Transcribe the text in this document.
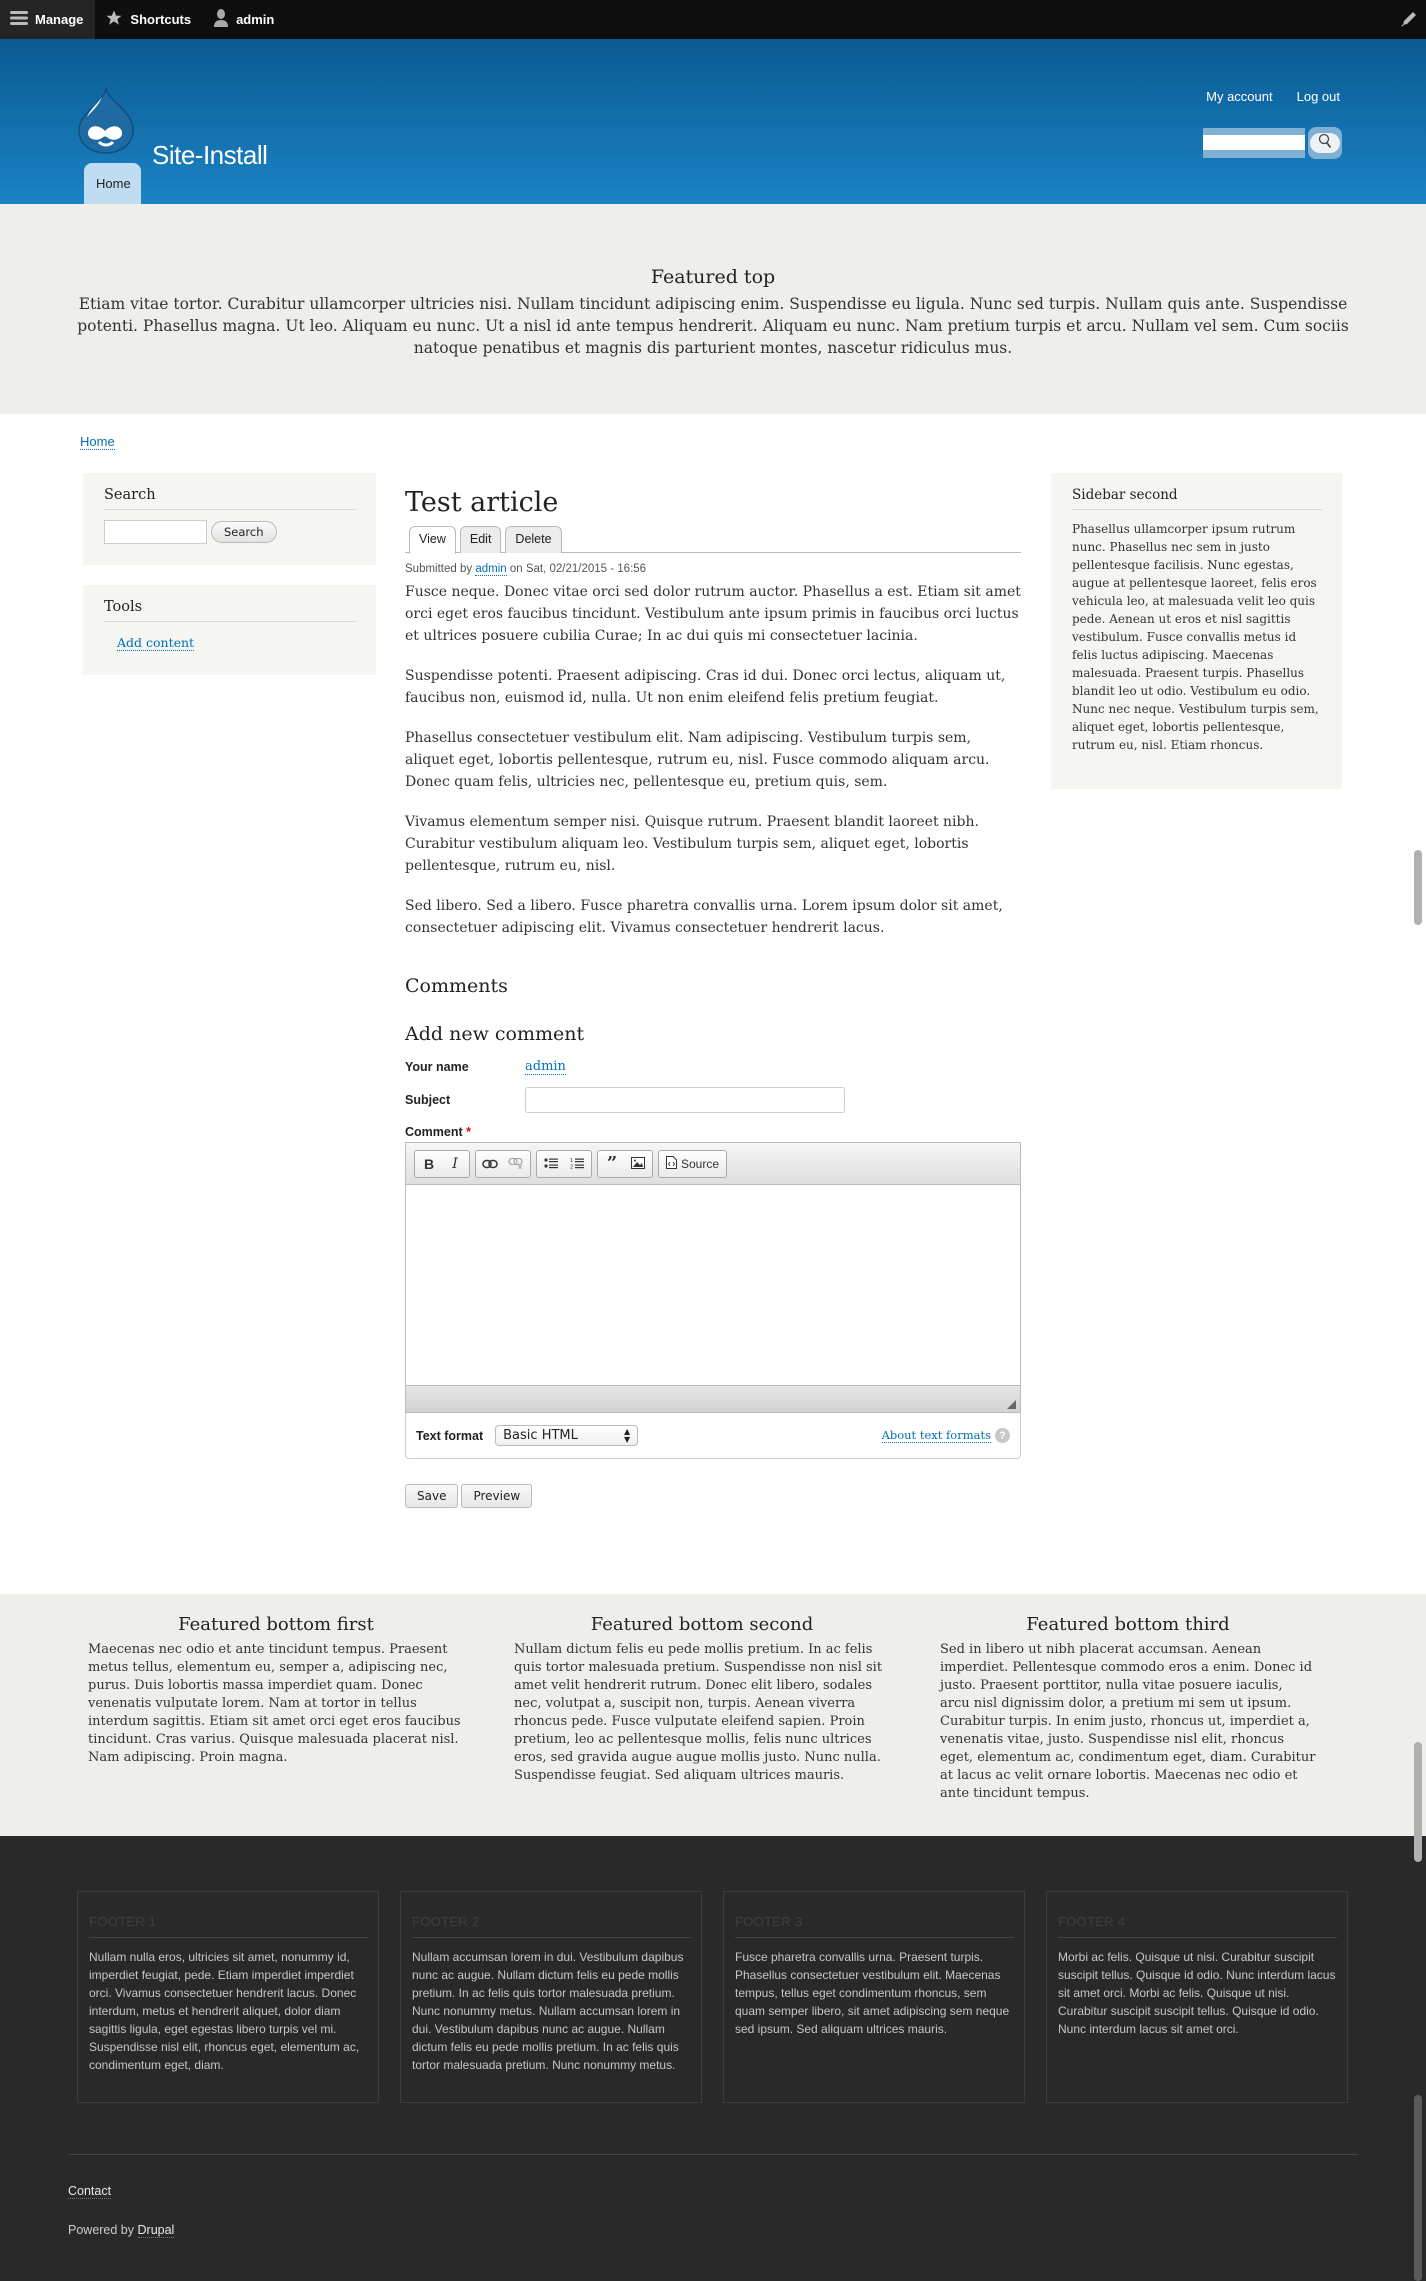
Manage	Shortcuts	admin
Site-Install
My account Log out
Home
Featured top

Etiam vitae tortor. Curabitur ullamcorper ultricies nisi. Nullam tincidunt adipiscing enim. Suspendisse eu ligula. Nunc sed turpis. Nullam quis ante. Suspendisse potenti. Phasellus magna. Ut leo. Aliquam eu nunc. Ut a nisl id ante tempus hendrerit. Aliquam eu nunc. Nam pretium turpis et arcu. Nullam vel sem. Cum sociis natoque penatibus et magnis dis parturient montes, nascetur ridiculus mus.

Home
Search
Search
Tools
Add content
Test article
View	Edit	Delete
Submitted by admin on Sat, 02/21/2015 - 16:56

Fusce neque. Donec vitae orci sed dolor rutrum auctor. Phasellus a est. Etiam sit amet orci eget eros faucibus tincidunt. Vestibulum ante ipsum primis in faucibus orci luctus et ultrices posuere cubilia Curae; In ac dui quis mi consectetuer lacinia.

Suspendisse potenti. Praesent adipiscing. Cras id dui. Donec orci lectus, aliquam ut, faucibus non, euismod id, nulla. Ut non enim eleifend felis pretium feugiat.

Phasellus consectetuer vestibulum elit. Nam adipiscing. Vestibulum turpis sem, aliquet eget, lobortis pellentesque, rutrum eu, nisl. Fusce commodo aliquam arcu. Donec quam felis, ultricies nec, pellentesque eu, pretium quis, sem.

Vivamus elementum semper nisi. Quisque rutrum. Praesent blandit laoreet nibh. Curabitur vestibulum aliquam leo. Vestibulum turpis sem, aliquet eget, lobortis pellentesque, rutrum eu, nisl.

Sed libero. Sed a libero. Fusce pharetra convallis urna. Lorem ipsum dolor sit amet, consectetuer adipiscing elit. Vivamus consectetuer hendrerit lacus.

Comments
Add new comment
Your name	admin
Subject
Comment *
B I	1
2 ”	Source
Text format Basic HTML	▲
▼	About text formats ?
Save	Preview
Sidebar second

Phasellus ullamcorper ipsum rutrum nunc. Phasellus nec sem in justo pellentesque facilisis. Nunc egestas, augue at pellentesque laoreet, felis eros vehicula leo, at malesuada velit leo quis pede. Aenean ut eros et nisl sagittis vestibulum. Fusce convallis metus id felis luctus adipiscing. Maecenas malesuada. Praesent turpis. Phasellus blandit leo ut odio. Vestibulum eu odio. Nunc nec neque. Vestibulum turpis sem, aliquet eget, lobortis pellentesque, rutrum eu, nisl. Etiam rhoncus.

Featured bottom first

Maecenas nec odio et ante tincidunt tempus. Praesent metus tellus, elementum eu, semper a, adipiscing nec, purus. Duis lobortis massa imperdiet quam. Donec venenatis vulputate lorem. Nam at tortor in tellus interdum sagittis. Etiam sit amet orci eget eros faucibus tincidunt. Cras varius. Quisque malesuada placerat nisl. Nam adipiscing. Proin magna.

Featured bottom second

Nullam dictum felis eu pede mollis pretium. In ac felis quis tortor malesuada pretium. Suspendisse non nisl sit amet velit hendrerit rutrum. Donec elit libero, sodales nec, volutpat a, suscipit non, turpis. Aenean viverra rhoncus pede. Fusce vulputate eleifend sapien. Proin pretium, leo ac pellentesque mollis, felis nunc ultrices eros, sed gravida augue augue mollis justo. Nunc nulla. Suspendisse feugiat. Sed aliquam ultrices mauris.

Featured bottom third

Sed in libero ut nibh placerat accumsan. Aenean imperdiet. Pellentesque commodo eros a enim. Donec id justo. Praesent porttitor, nulla vitae posuere iaculis, arcu nisl dignissim dolor, a pretium mi sem ut ipsum. Curabitur turpis. In enim justo, rhoncus ut, imperdiet a, venenatis vitae, justo. Suspendisse nisl elit, rhoncus eget, elementum ac, condimentum eget, diam. Curabitur at lacus ac velit ornare lobortis. Maecenas nec odio et ante tincidunt tempus.

FOOTER 1

Nullam nulla eros, ultricies sit amet, nonummy id, imperdiet feugiat, pede. Etiam imperdiet imperdiet orci. Vivamus consectetuer hendrerit lacus. Donec interdum, metus et hendrerit aliquet, dolor diam sagittis ligula, eget egestas libero turpis vel mi. Suspendisse nisl elit, rhoncus eget, elementum ac, condimentum eget, diam.

FOOTER 2

Nullam accumsan lorem in dui. Vestibulum dapibus nunc ac augue. Nullam dictum felis eu pede mollis pretium. In ac felis quis tortor malesuada pretium. Nunc nonummy metus. Nullam accumsan lorem in dui. Vestibulum dapibus nunc ac augue. Nullam dictum felis eu pede mollis pretium. In ac felis quis tortor malesuada pretium. Nunc nonummy metus.

FOOTER 3

Fusce pharetra convallis urna. Praesent turpis. Phasellus consectetuer vestibulum elit. Maecenas tempus, tellus eget condimentum rhoncus, sem quam semper libero, sit amet adipiscing sem neque sed ipsum. Sed aliquam ultrices mauris.

FOOTER 4

Morbi ac felis. Quisque ut nisi. Curabitur suscipit suscipit tellus. Quisque id odio. Nunc interdum lacus sit amet orci. Morbi ac felis. Quisque ut nisi. Curabitur suscipit suscipit tellus. Quisque id odio. Nunc interdum lacus sit amet orci.

Contact
Powered by Drupal
